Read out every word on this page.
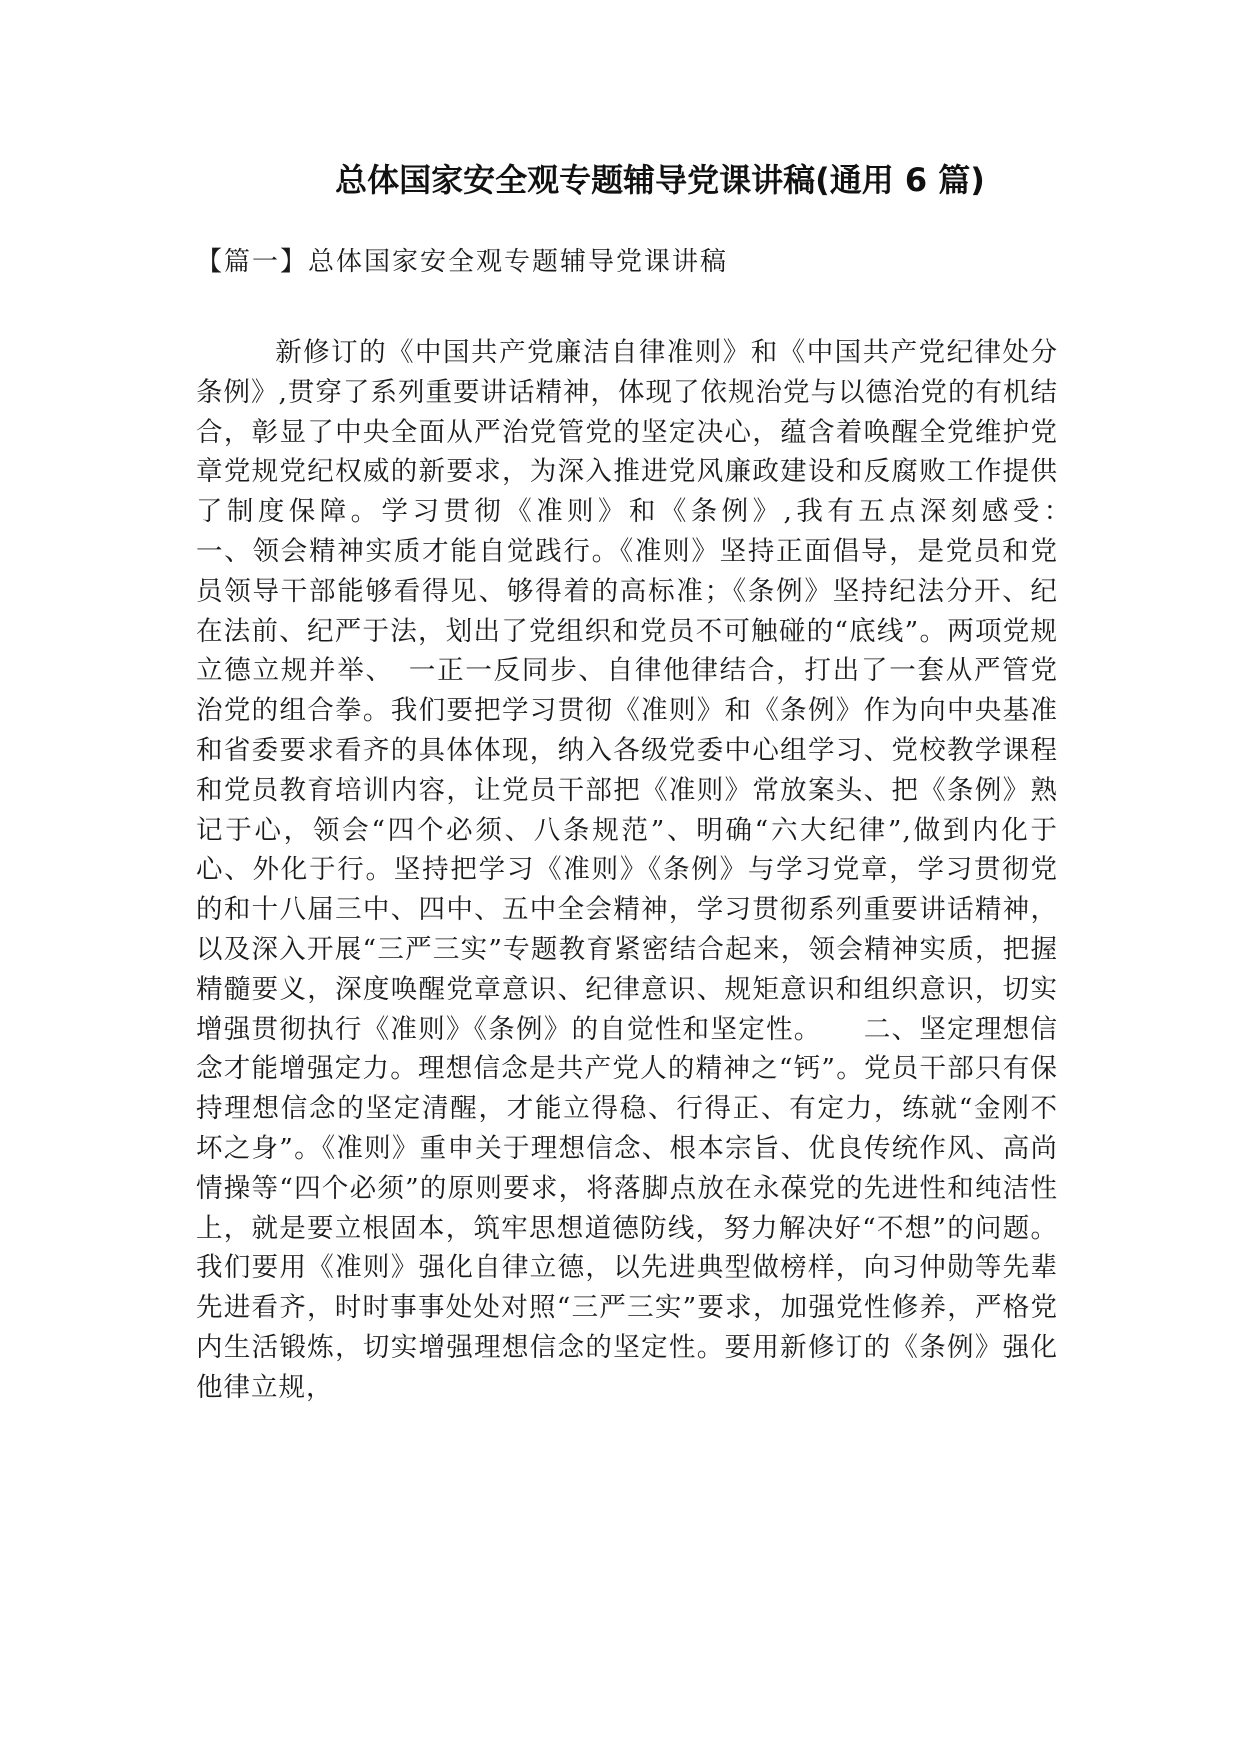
总体国家安全观专题辅导党课讲稿(通用 6 篇)
【篇一】总体国家安全观专题辅导党课讲稿

新修订的《中国共产党廉洁自律准则》和《中国共产党纪律处分条例》,贯穿了系列重要讲话精神，体现了依规治党与以德治党的有机结合，彰显了中央全面从严治党管党的坚定决心，蕴含着唤醒全党维护党章党规党纪权威的新要求，为深入推进党风廉政建设和反腐败工作提供了制度保障。学习贯彻《准则》和《条例》,我有五点深刻感受：　　一、领会精神实质才能自觉践行。《准则》坚持正面倡导，是党员和党员领导干部能够看得见、够得着的高标准；《条例》坚持纪法分开、纪在法前、纪严于法，划出了党组织和党员不可触碰的“底线”。两项党规立德立规并举、　一正一反同步、自律他律结合，打出了一套从严管党治党的组合拳。我们要把学习贯彻《准则》和《条例》作为向中央基准和省委要求看齐的具体体现，纳入各级党委中心组学习、党校教学课程和党员教育培训内容，让党员干部把《准则》常放案头、把《条例》熟记于心，领会“四个必须、八条规范”、明确“六大纪律”,做到内化于心、外化于行。坚持把学习《准则》《条例》与学习党章，学习贯彻党的和十八届三中、四中、五中全会精神，学习贯彻系列重要讲话精神，以及深入开展“三严三实”专题教育紧密结合起来，领会精神实质，把握精髓要义，深度唤醒党章意识、纪律意识、规矩意识和组织意识，切实增强贯彻执行《准则》《条例》的自觉性和坚定性。　　二、坚定理想信念才能增强定力。理想信念是共产党人的精神之“钙”。党员干部只有保持理想信念的坚定清醒，才能立得稳、行得正、有定力，练就“金刚不坏之身”。《准则》重申关于理想信念、根本宗旨、优良传统作风、高尚情操等“四个必须”的原则要求，将落脚点放在永葆党的先进性和纯洁性上，就是要立根固本，筑牢思想道德防线，努力解决好“不想”的问题。我们要用《准则》强化自律立德，以先进典型做榜样，向习仲勋等先辈先进看齐，时时事事处处对照“三严三实”要求，加强党性修养，严格党内生活锻炼，切实增强理想信念的坚定性。要用新修订的《条例》强化他律立规，
